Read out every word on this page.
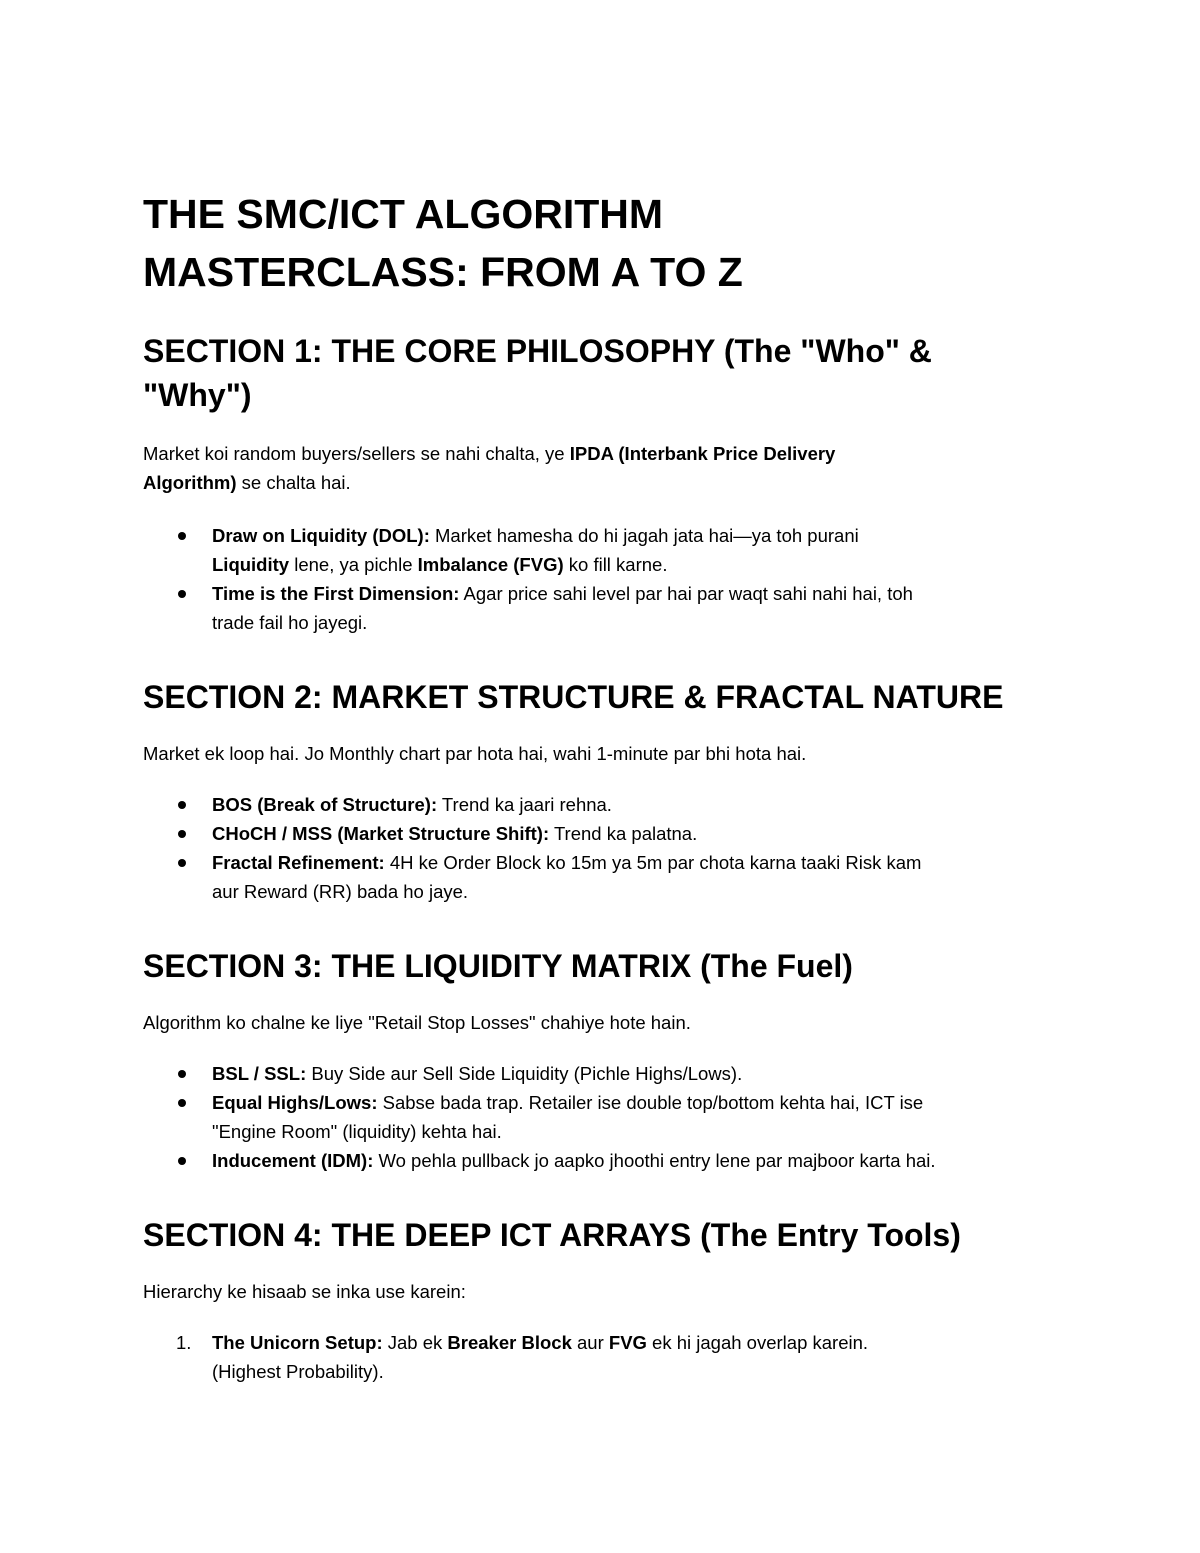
THE SMC/ICT ALGORITHM
MASTERCLASS: FROM A TO Z
SECTION 1: THE CORE PHILOSOPHY (The "Who" &
"Why")

Market koi random buyers/sellers se nahi chalta, ye IPDA (Interbank Price Delivery
Algorithm) se chalta hai.

Draw on Liquidity (DOL): Market hamesha do hi jagah jata hai—ya toh purani
Liquidity lene, ya pichle Imbalance (FVG) ko fill karne.
Time is the First Dimension: Agar price sahi level par hai par waqt sahi nahi hai, toh
trade fail ho jayegi.
SECTION 2: MARKET STRUCTURE & FRACTAL NATURE

Market ek loop hai. Jo Monthly chart par hota hai, wahi 1-minute par bhi hota hai.

BOS (Break of Structure): Trend ka jaari rehna.
CHoCH / MSS (Market Structure Shift): Trend ka palatna.
Fractal Refinement: 4H ke Order Block ko 15m ya 5m par chota karna taaki Risk kam
aur Reward (RR) bada ho jaye.
SECTION 3: THE LIQUIDITY MATRIX (The Fuel)

Algorithm ko chalne ke liye "Retail Stop Losses" chahiye hote hain.

BSL / SSL: Buy Side aur Sell Side Liquidity (Pichle Highs/Lows).
Equal Highs/Lows: Sabse bada trap. Retailer ise double top/bottom kehta hai, ICT ise
"Engine Room" (liquidity) kehta hai.
Inducement (IDM): Wo pehla pullback jo aapko jhoothi entry lene par majboor karta hai.
SECTION 4: THE DEEP ICT ARRAYS (The Entry Tools)

Hierarchy ke hisaab se inka use karein:

1. The Unicorn Setup: Jab ek Breaker Block aur FVG ek hi jagah overlap karein.
(Highest Probability).
